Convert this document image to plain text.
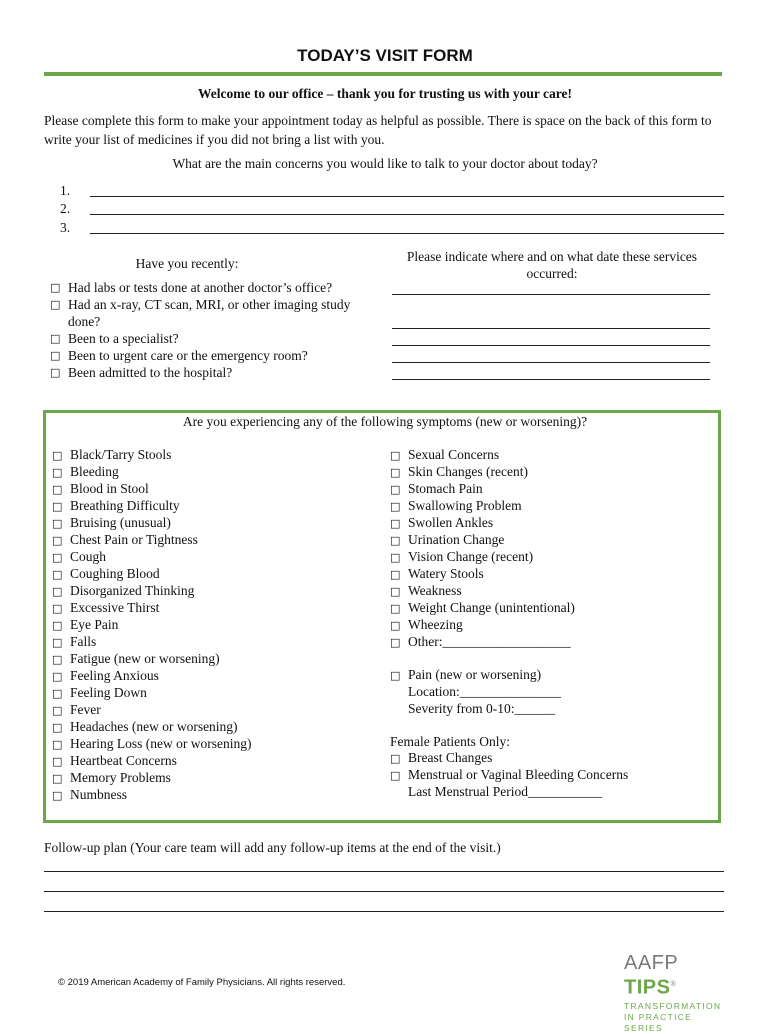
TODAY’S VISIT FORM
Welcome to our office – thank you for trusting us with your care!
Please complete this form to make your appointment today as helpful as possible. There is space on the back of this form to write your list of medicines if you did not bring a list with you.
What are the main concerns you would like to talk to your doctor about today?
1.
2.
3.
Have you recently:
□ Had labs or tests done at another doctor’s office?
□ Had an x-ray, CT scan, MRI, or other imaging study done?
□ Been to a specialist?
□ Been to urgent care or the emergency room?
□ Been admitted to the hospital?
Please indicate where and on what date these services occurred:
Are you experiencing any of the following symptoms (new or worsening)?
□ Black/Tarry Stools
□ Bleeding
□ Blood in Stool
□ Breathing Difficulty
□ Bruising (unusual)
□ Chest Pain or Tightness
□ Cough
□ Coughing Blood
□ Disorganized Thinking
□ Excessive Thirst
□ Eye Pain
□ Falls
□ Fatigue (new or worsening)
□ Feeling Anxious
□ Feeling Down
□ Fever
□ Headaches (new or worsening)
□ Hearing Loss (new or worsening)
□ Heartbeat Concerns
□ Memory Problems
□ Numbness
□ Sexual Concerns
□ Skin Changes (recent)
□ Stomach Pain
□ Swallowing Problem
□ Swollen Ankles
□ Urination Change
□ Vision Change (recent)
□ Watery Stools
□ Weakness
□ Weight Change (unintentional)
□ Wheezing
□ Other:___________________
□ Pain (new or worsening)
Location:_______________
Severity from 0-10:______
Female Patients Only:
□ Breast Changes
□ Menstrual or Vaginal Bleeding Concerns
Last Menstrual Period___________
Follow-up plan (Your care team will add any follow-up items at the end of the visit.)
© 2019 American Academy of Family Physicians. All rights reserved.
AAFP TIPS®
TRANSFORMATION
IN PRACTICE SERIES
